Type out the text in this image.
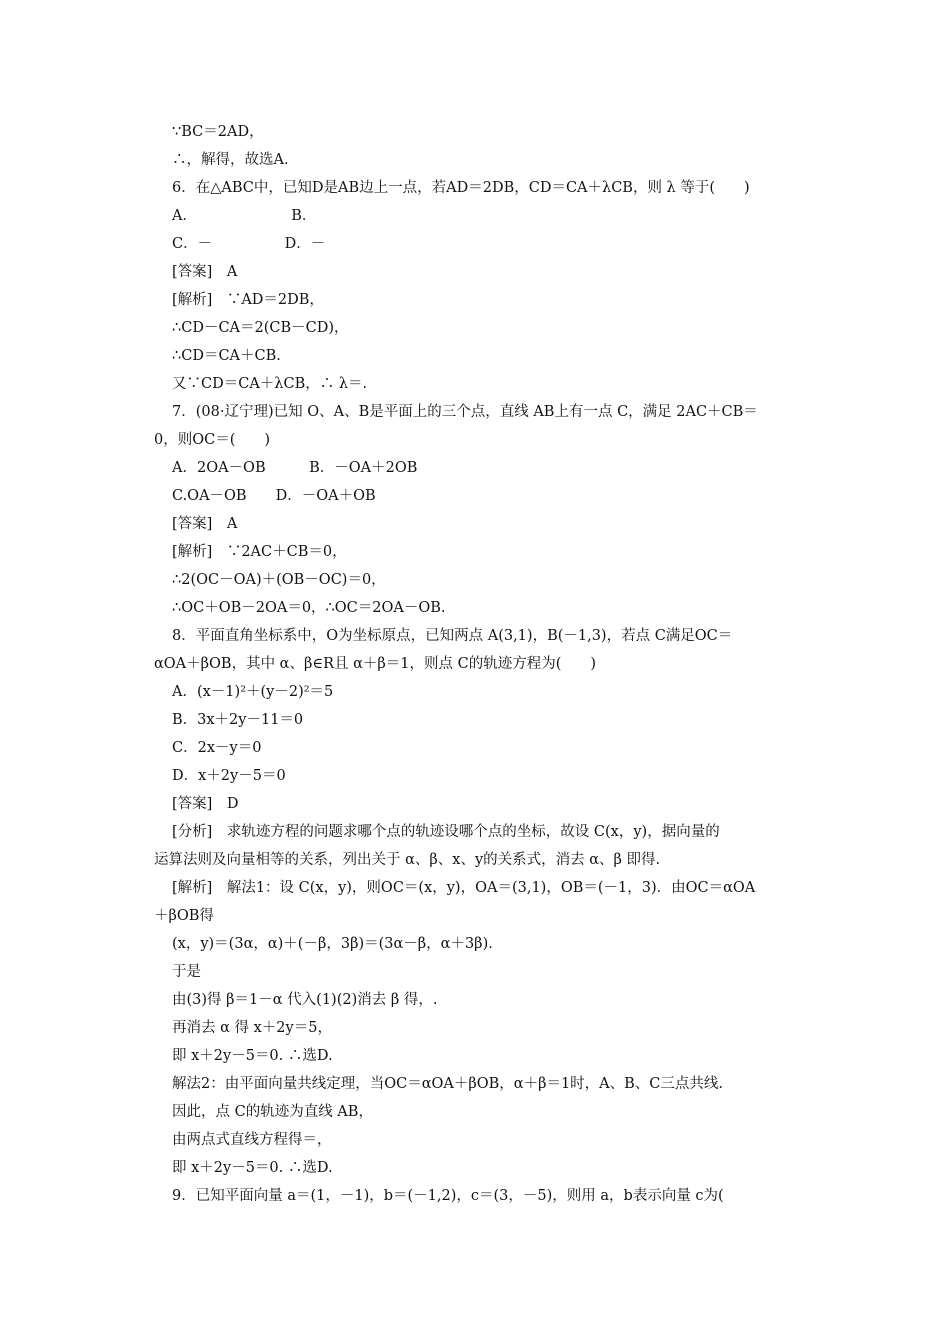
∵BC＝2AD，
∴，解得，故选A.
6．在△ABC中，已知D是AB边上一点，若AD＝2DB，CD＝CA＋λCB，则 λ 等于(　　)
A．　　　　　　　B．
C．－　　　　　D．－
[答案]　A
[解析]　∵AD＝2DB，
∴CD－CA＝2(CB－CD)，
∴CD＝CA＋CB.
又∵CD＝CA＋λCB，∴ λ＝.
7．(08·辽宁理)已知 O、A、B是平面上的三个点，直线 AB上有一点 C，满足 2AC＋CB＝
0，则OC＝(　　)
A．2OA－OB　　　B．－OA＋2OB
C.OA－OB　　D．－OA＋OB
[答案]　A
[解析]　∵2AC＋CB＝0，
∴2(OC－OA)＋(OB－OC)＝0，
∴OC＋OB－2OA＝0，∴OC＝2OA－OB.
8．平面直角坐标系中，O为坐标原点，已知两点 A(3,1)，B(－1,3)，若点 C满足OC＝
αOA＋βOB，其中 α、β∈R且 α＋β＝1，则点 C的轨迹方程为(　　)
A．(x－1)²＋(y－2)²＝5
B．3x＋2y－11＝0
C．2x－y＝0
D．x＋2y－5＝0
[答案]　D
[分析]　求轨迹方程的问题求哪个点的轨迹设哪个点的坐标，故设 C(x，y)，据向量的
运算法则及向量相等的关系，列出关于 α、β、x、y的关系式，消去 α、β 即得.
[解析]　解法1：设 C(x，y)，则OC＝(x，y)，OA＝(3,1)，OB＝(－1，3)．由OC＝αOA
＋βOB得
(x，y)＝(3α，α)＋(－β，3β)＝(3α－β，α＋3β)．
于是
由(3)得 β＝1－α 代入(1)(2)消去 β 得，.
再消去 α 得 x＋2y＝5，
即 x＋2y－5＝0. ∴选D.
解法2：由平面向量共线定理，当OC＝αOA＋βOB，α＋β＝1时，A、B、C三点共线.
因此，点 C的轨迹为直线 AB，
由两点式直线方程得＝，
即 x＋2y－5＝0. ∴选D.
9．已知平面向量 a＝(1，－1)，b＝(－1,2)，c＝(3，－5)，则用 a，b表示向量 c为(
